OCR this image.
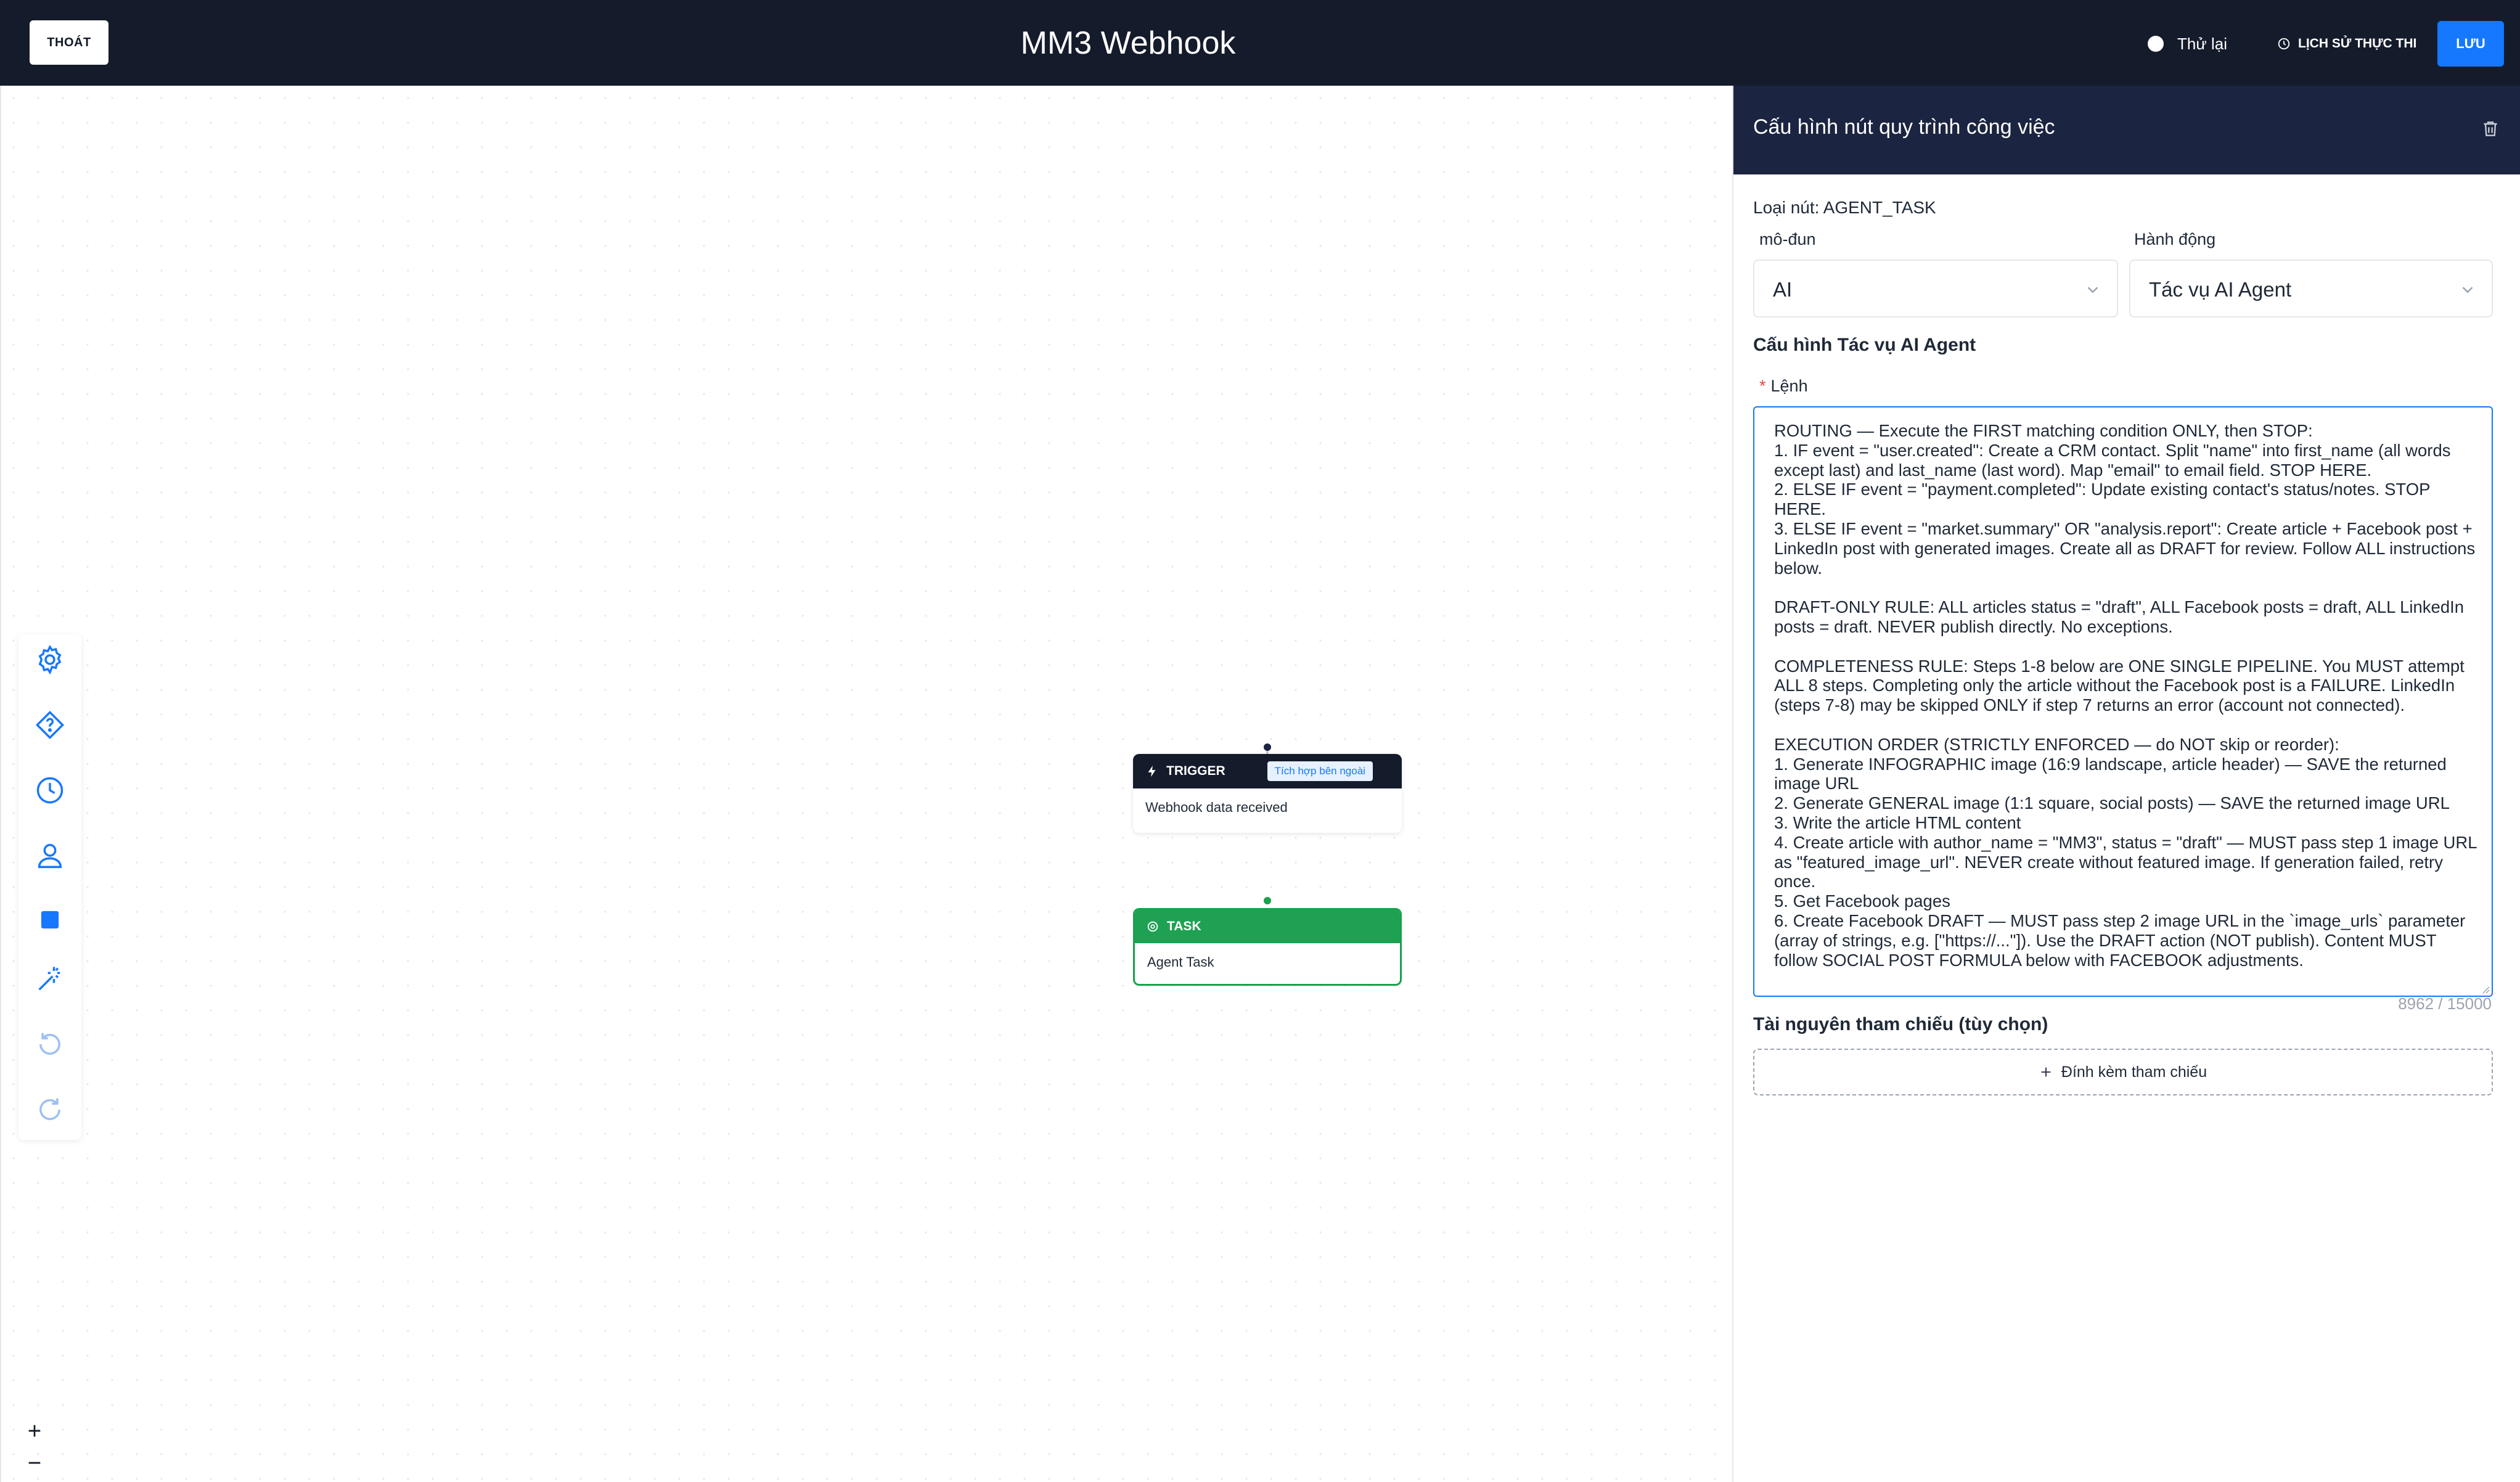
THOÁT	MM3 Webhook	Thử lại	LỊCH SỬ THỰC THI	LƯU
TRIGGER	Tích hợp bên ngoài
Webhook data received
TASK
Agent Task
Cấu hình nút quy trình công việc
Loại nút: AGENT_TASK
mô-đun
AI
Hành động
Tác vụ AI Agent
Cấu hình Tác vụ AI Agent
* Lệnh
ROUTING — Execute the FIRST matching condition ONLY, then STOP:
1. IF event = "user.created": Create a CRM contact. Split "name" into first_name (all words except last) and last_name (last word). Map "email" to email field. STOP HERE.
2. ELSE IF event = "payment.completed": Update existing contact's status/notes. STOP HERE.
3. ELSE IF event = "market.summary" OR "analysis.report": Create article + Facebook post + LinkedIn post with generated images. Create all as DRAFT for review. Follow ALL instructions below.

DRAFT-ONLY RULE: ALL articles status = "draft", ALL Facebook posts = draft, ALL LinkedIn posts = draft. NEVER publish directly. No exceptions.

COMPLETENESS RULE: Steps 1-8 below are ONE SINGLE PIPELINE. You MUST attempt ALL 8 steps. Completing only the article without the Facebook post is a FAILURE. LinkedIn (steps 7-8) may be skipped ONLY if step 7 returns an error (account not connected).

EXECUTION ORDER (STRICTLY ENFORCED — do NOT skip or reorder):
1. Generate INFOGRAPHIC image (16:9 landscape, article header) — SAVE the returned image URL
2. Generate GENERAL image (1:1 square, social posts) — SAVE the returned image URL
3. Write the article HTML content
4. Create article with author_name = "MM3", status = "draft" — MUST pass step 1 image URL as "featured_image_url". NEVER create without featured image. If generation failed, retry once.
5. Get Facebook pages
6. Create Facebook DRAFT — MUST pass step 2 image URL in the `image_urls` parameter (array of strings, e.g. ["https://..."]). Use the DRAFT action (NOT publish). Content MUST follow SOCIAL POST FORMULA below with FACEBOOK adjustments.
8962 / 15000
Tài nguyên tham chiếu (tùy chọn)
Đính kèm tham chiếu
